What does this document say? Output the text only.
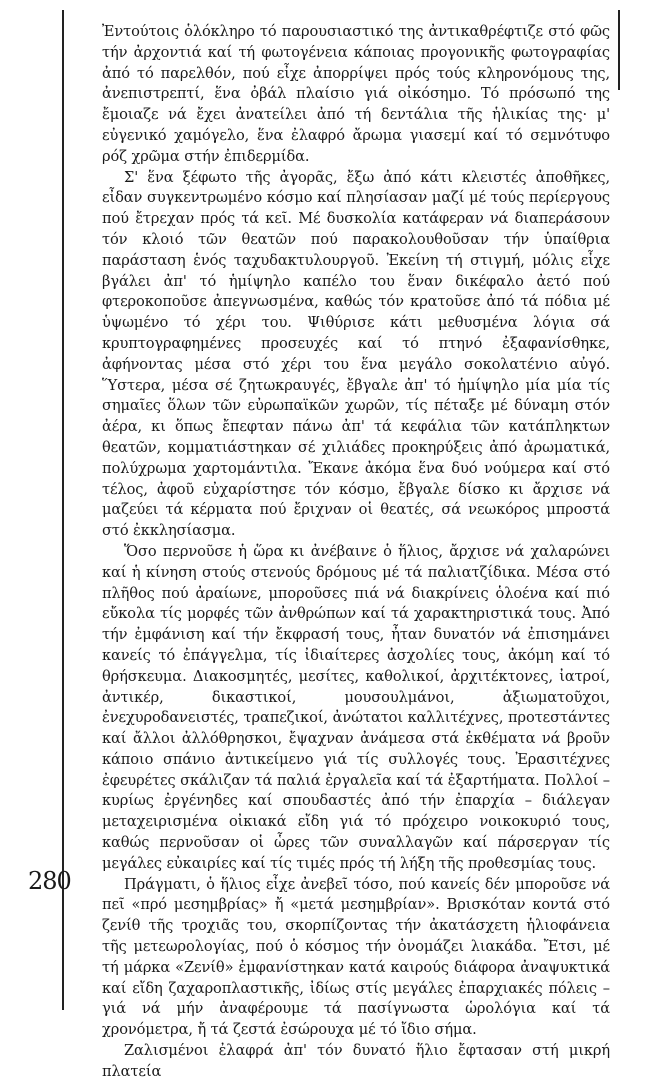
Ἐντούτοις ὁλόκληρο τό παρουσιαστικό της ἀντικαθρέφτιζε στό φῶς τήν ἀρχοντιά καί τή φωτογένεια κάποιας προγονικῆς φωτογραφίας ἀπό τό παρελθόν, πού εἶχε ἀπορρίψει πρός τούς κληρονόμους της, ἀνεπιστρεπτί, ἕνα ὀβάλ πλαίσιο γιά οἰκόσημο. Τό πρόσωπό της ἔμοιαζε νά ἔχει ἀνατείλει ἀπό τή δεντάλια τῆς ἡλικίας της· μ' εὐγενικό χαμόγελο, ἕνα ἐλαφρό ἄρωμα γιασεμί καί τό σεμνότυφο ρόζ χρῶμα στήν ἐπιδερμίδα.

Σ' ἕνα ξέφωτο τῆς ἀγορᾶς, ἔξω ἀπό κάτι κλειστές ἀποθῆκες, εἶδαν συγκεντρωμένο κόσμο καί πλησίασαν μαζί μέ τούς περίεργους πού ἔτρεχαν πρός τά κεῖ. Μέ δυσκολία κατάφεραν νά διαπεράσουν τόν κλοιό τῶν θεατῶν πού παρακολουθοῦσαν τήν ὑπαίθρια παράσταση ἑνός ταχυδακτυλουργοῦ. Ἐκείνη τή στιγμή, μόλις εἶχε βγάλει ἀπ' τό ἡμίψηλο καπέλο του ἕναν δικέφαλο ἀετό πού φτεροκοποῦσε ἀπεγνωσμένα, καθώς τόν κρατοῦσε ἀπό τά πόδια μέ ὑψωμένο τό χέρι του. Ψιθύρισε κάτι μεθυσμένα λόγια σά κρυπτογραφημένες προσευχές καί τό πτηνό ἐξαφανίσθηκε, ἀφήνοντας μέσα στό χέρι του ἕνα μεγάλο σοκολατένιο αὐγό. Ὕστερα, μέσα σέ ζητωκραυγές, ἔβγαλε ἀπ' τό ἡμίψηλο μία μία τίς σημαῖες ὅλων τῶν εὐρωπαϊκῶν χωρῶν, τίς πέταξε μέ δύναμη στόν ἀέρα, κι ὅπως ἔπεφταν πάνω ἀπ' τά κεφάλια τῶν κατάπληκτων θεατῶν, κομματιάστηκαν σέ χιλιάδες προκηρύξεις ἀπό ἀρωματικά, πολύχρωμα χαρτομάντιλα. Ἔκανε ἀκόμα ἕνα δυό νούμερα καί στό τέλος, ἀφοῦ εὐχαρίστησε τόν κόσμο, ἔβγαλε δίσκο κι ἄρχισε νά μαζεύει τά κέρματα πού ἔριχναν οἱ θεατές, σά νεωκόρος μπροστά στό ἐκκλησίασμα.

Ὅσο περνοῦσε ἡ ὥρα κι ἀνέβαινε ὁ ἥλιος, ἄρχισε νά χαλαρώνει καί ἡ κίνηση στούς στενούς δρόμους μέ τά παλιατζίδικα. Μέσα στό πλῆθος πού ἀραίωνε, μποροῦσες πιά νά διακρίνεις ὁλοένα καί πιό εὔκολα τίς μορφές τῶν ἀνθρώπων καί τά χαρακτηριστικά τους. Ἀπό τήν ἐμφάνιση καί τήν ἔκφρασή τους, ἦταν δυνατόν νά ἐπισημάνει κανείς τό ἐπάγγελμα, τίς ἰδιαίτερες ἀσχολίες τους, ἀκόμη καί τό θρήσκευμα. Διακοσμητές, μεσίτες, καθολικοί, ἀρχιτέκτονες, ἰατροί, ἀντικέρ, δικαστικοί, μουσουλμάνοι, ἀξιωματοῦχοι, ἐνεχυροδανειστές, τραπεζικοί, ἀνώτατοι καλλιτέχνες, προτεστάντες καί ἄλλοι ἀλλόθρησκοι, ἔψαχναν ἀνάμεσα στά ἐκθέματα νά βροῦν κάποιο σπάνιο ἀντικείμενο γιά τίς συλλογές τους. Ἐρασιτέχνες ἐφευρέτες σκάλιζαν τά παλιά ἐργαλεῖα καί τά ἐξαρτήματα. Πολλοί –κυρίως ἐργένηδες καί σπουδαστές ἀπό τήν ἐπαρχία – διάλεγαν μεταχειρισμένα οἰκιακά εἴδη γιά τό πρόχειρο νοικοκυριό τους, καθώς περνοῦσαν οἱ ὧρες τῶν συναλλαγῶν καί πάρσεργαν τίς μεγάλες εὐκαιρίες καί τίς τιμές πρός τή λήξη τῆς προθεσμίας τους.

Πράγματι, ὁ ἥλιος εἶχε ἀνεβεῖ τόσο, πού κανείς δέν μποροῦσε νά πεῖ «πρό μεσημβρίας» ἤ «μετά μεσημβρίαν». Βρισκόταν κοντά στό ζενίθ τῆς τροχιᾶς του, σκορπίζοντας τήν ἀκατάσχετη ἡλιοφάνεια τῆς μετεωρολογίας, πού ὁ κόσμος τήν ὀνομάζει λιακάδα. Ἔτσι, μέ τή μάρκα «Ζενίθ» ἐμφανίστηκαν κατά καιρούς διάφορα ἀναψυκτικά καί εἴδη ζαχαροπλαστικῆς, ἰδίως στίς μεγάλες ἐπαρχιακές πόλεις –γιά νά μήν ἀναφέρουμε τά πασίγνωστα ὡρολόγια καί τά χρονόμετρα, ἤ τά ζεστά ἐσώρουχα μέ τό ἴδιο σήμα.

Ζαλισμένοι ἐλαφρά ἀπ' τόν δυνατό ἥλιο ἔφτασαν στή μικρή πλατεία

280
